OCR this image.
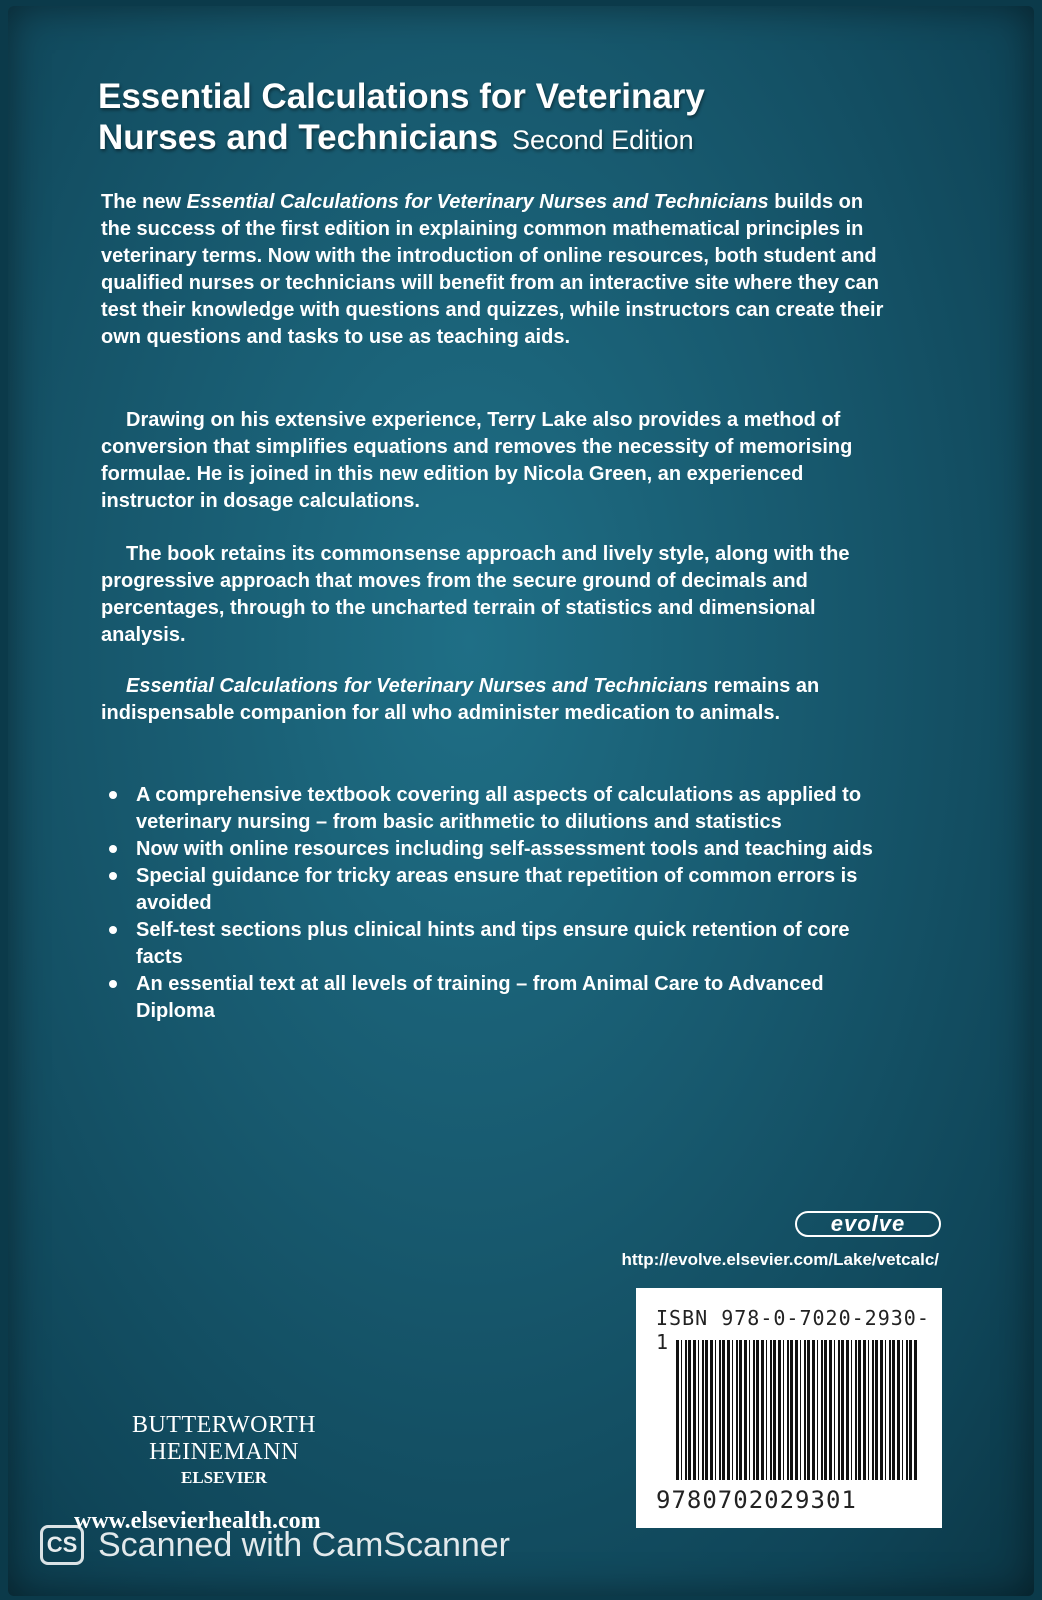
Essential Calculations for Veterinary
Nurses and Technicians Second Edition

The new Essential Calculations for Veterinary Nurses and Technicians builds on the success of the first edition in explaining common mathematical principles in veterinary terms. Now with the introduction of online resources, both student and qualified nurses or technicians will benefit from an interactive site where they can test their knowledge with questions and quizzes, while instructors can create their own questions and tasks to use as teaching aids.

Drawing on his extensive experience, Terry Lake also provides a method of conversion that simplifies equations and removes the necessity of memorising formulae. He is joined in this new edition by Nicola Green, an experienced instructor in dosage calculations.

The book retains its commonsense approach and lively style, along with the progressive approach that moves from the secure ground of decimals and percentages, through to the uncharted terrain of statistics and dimensional analysis.

Essential Calculations for Veterinary Nurses and Technicians remains an indispensable companion for all who administer medication to animals.

A comprehensive textbook covering all aspects of calculations as applied to veterinary nursing – from basic arithmetic to dilutions and statistics
Now with online resources including self-assessment tools and teaching aids
Special guidance for tricky areas ensure that repetition of common errors is avoided
Self-test sections plus clinical hints and tips ensure quick retention of core facts
An essential text at all levels of training – from Animal Care to Advanced Diploma
evolve
http://evolve.elsevier.com/Lake/vetcalc/
ISBN 978-0-7020-2930-1
9780702029301
BUTTERWORTH
HEINEMANN
ELSEVIER
www.elsevierhealth.com
CS Scanned with CamScanner
